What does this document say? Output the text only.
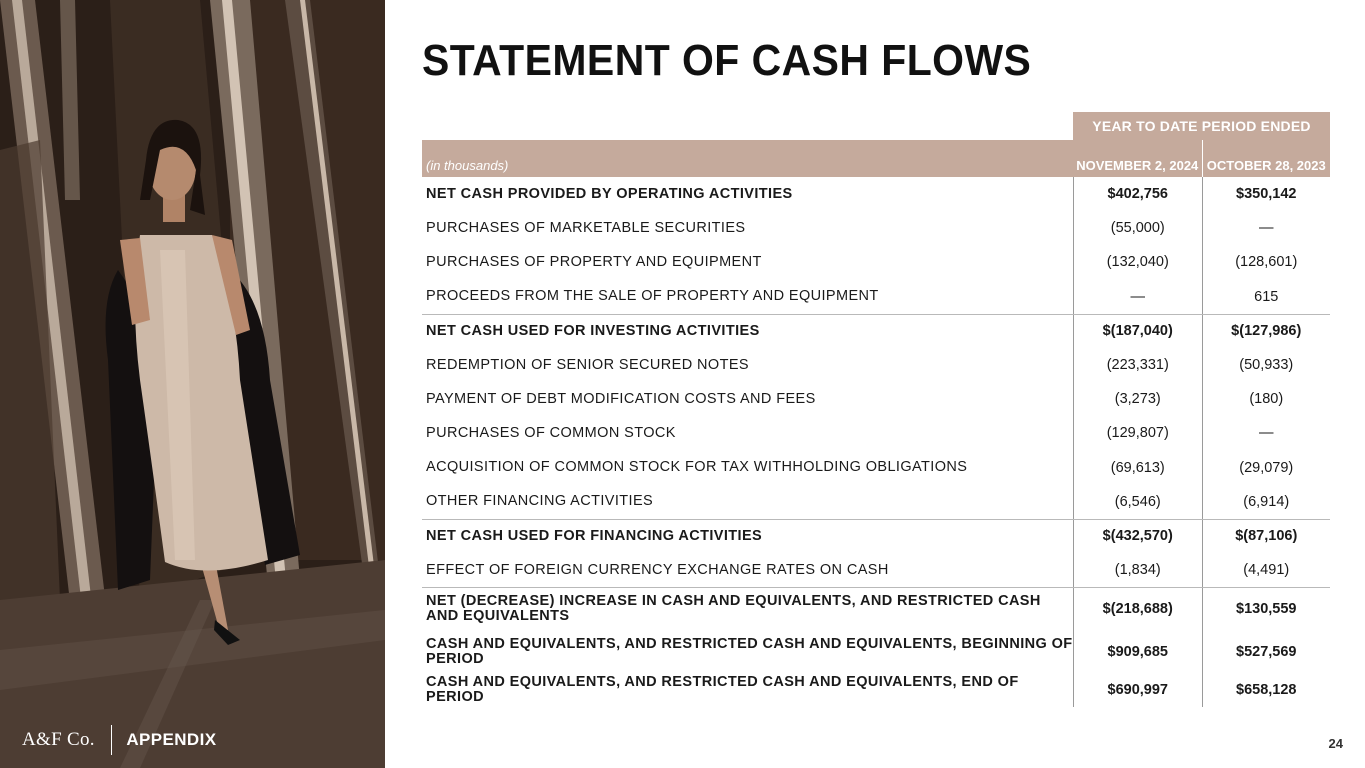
A&F Co. APPENDIX
STATEMENT OF CASH FLOWS
YEAR TO DATE PERIOD ENDED
(in thousands)	NOVEMBER 2, 2024 OCTOBER 28, 2023
NET CASH PROVIDED BY OPERATING ACTIVITIES	$402,756	$350,142
PURCHASES OF MARKETABLE SECURITIES	(55,000)	—
PURCHASES OF PROPERTY AND EQUIPMENT	(132,040)	(128,601)
PROCEEDS FROM THE SALE OF PROPERTY AND EQUIPMENT	—	615
NET CASH USED FOR INVESTING ACTIVITIES	$(187,040)	$(127,986)
REDEMPTION OF SENIOR SECURED NOTES	(223,331)	(50,933)
PAYMENT OF DEBT MODIFICATION COSTS AND FEES	(3,273)	(180)
PURCHASES OF COMMON STOCK	(129,807)	—
ACQUISITION OF COMMON STOCK FOR TAX WITHHOLDING OBLIGATIONS	(69,613)	(29,079)
OTHER FINANCING ACTIVITIES	(6,546)	(6,914)
NET CASH USED FOR FINANCING ACTIVITIES	$(432,570)	$(87,106)
EFFECT OF FOREIGN CURRENCY EXCHANGE RATES ON CASH	(1,834)	(4,491)
NET (DECREASE) INCREASE IN CASH AND EQUIVALENTS, AND RESTRICTED CASH AND EQUIVALENTS	$(218,688)	$130,559
CASH AND EQUIVALENTS, AND RESTRICTED CASH AND EQUIVALENTS, BEGINNING OF PERIOD	$909,685	$527,569
CASH AND EQUIVALENTS, AND RESTRICTED CASH AND EQUIVALENTS, END OF PERIOD	$690,997	$658,128
24
